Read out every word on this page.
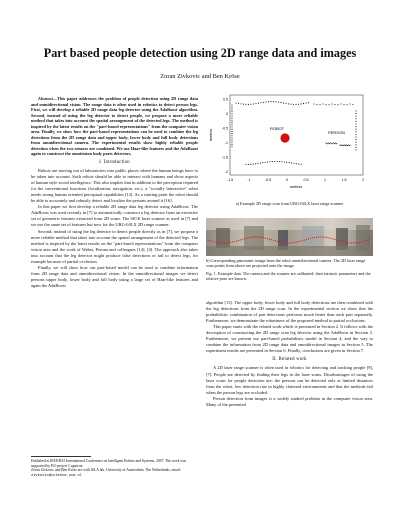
Part based people detection using 2D range data and images
Zoran Zivkovic and Ben Kröse

Abstract—This paper addresses the problem of people detection using 2D range data and omnidirectional vision. The range data is often used in robotics to detect person legs. First, we will develop a reliable 2D range data leg detector using the AdaBoost algorithm. Second, instead of using the leg detector to detect people, we propose a more reliable method that takes into account the spatial arrangement of the detected legs. The method is inspired by the latest results on the "part-based representations" from the computer vision area. Finally, we show how the part-based representations can be used to combine the leg detections from the 2D range data and upper body, lower body and full body detections from omnidirectional camera. The experimental results show highly reliable people detection when the two sensors are combined. We use Haar-like features and the AdaBoost again to construct the omnivision body parts detectors.

I. Introduction

Robots are moving out of laboratories into public places where the human beings have to be taken into account. Such robots should be able to interact with humans and show aspects of human style social intelligence. This also implies that in addition to the perception required for the conventional functions (localization, navigation, etc.), a "socially interactive" robot needs strong human oriented perceptual capabilities [12]. As a starting point the robot should be able to accurately and robustly detect and localize the persons around it [16].

In this paper we first develop a reliable 2D range data leg detector using AdaBoost. The AdaBoost was used recently in [7] to automatically construct a leg detector from an extensive set of geometric features extracted from 2D scans. The SICK laser scanner as used in [7] and we use the same set of features but now for the URG-04LX 2D range scanner.

Second, instead of using the leg detector to detect people directly as in [7], we propose a more reliable method that takes into account the spatial arrangement of the detected legs. The method is inspired by the latest results on the "part-based representations" from the computer vision area and the work of Weber, Perona and colleagues [14], [4]. The approach also takes into account that the leg detector might produce false detections or fail to detect legs, for example because of partial occlusion.

Finally, we will show how our part-based model can be used to combine information from 2D range data and omnidirectional vision. In the omnidirectional images we detect persons upper body, lower body and full body using a large set of Haar-like features and again the AdaBoost

Published at IEEE/RSJ International Conference on Intelligent Robots and Systems, 2007. The work was supported by EU-project Cogniron.
Zoran Zivkovic and Ben Kröse are with ISLA lab, University of Amsterdam, The Netherlands, email: zivkovic@science.uva.nl
0.5
0
-0.5
-1
-1.5
-2
-1.5	-1	-0.5	0	0.5	1	1.5	2
meters
meters
ROBOT
PERSON
a) Example 2D range scan from URG-04LX laser range scanner
b) Corresponding panoramic image from the robot omnidirectional camera. The 2D laser range scan points from above are projected onto the image.
Fig. 1. Example data. The camera and the scanner are calibrated: their intrinsic parameters and the relative pose are known.

algorithm [13]. The upper body, lower body and full body detections are then combined with the leg detections from the 2D range scan. In the experimental section we show that the probabilistic combination of part detections performs much better than each part separately. Furthermore, we demonstrate the robustness of the proposed method to partial occlusions.

This paper starts with the related work which is presented in Section 2. It follows with the description of constructing the 2D range scan leg detector using the AdaBoost in Section 3. Furthermore, we present our part-based probabilistic model in Section 4, and the way to combine the information from 2D range data and omnidirectional images in Section 5. The experiment results are presented in Section 6. Finally, conclusions are given in Section 7.

II. Related work

A 2D laser range scanner is often used in robotics for detecting and tracking people [9], [7]. People are detected by finding their legs in the laser scans. Disadvantages of using the laser scans for people detection are: the persons can be detected only at limited distances from the robot, low detection rate in highly cluttered environments and that the methods fail when the person legs are occluded.

Person detection from images is a widely studied problem in the computer vision area. Many of the presented
